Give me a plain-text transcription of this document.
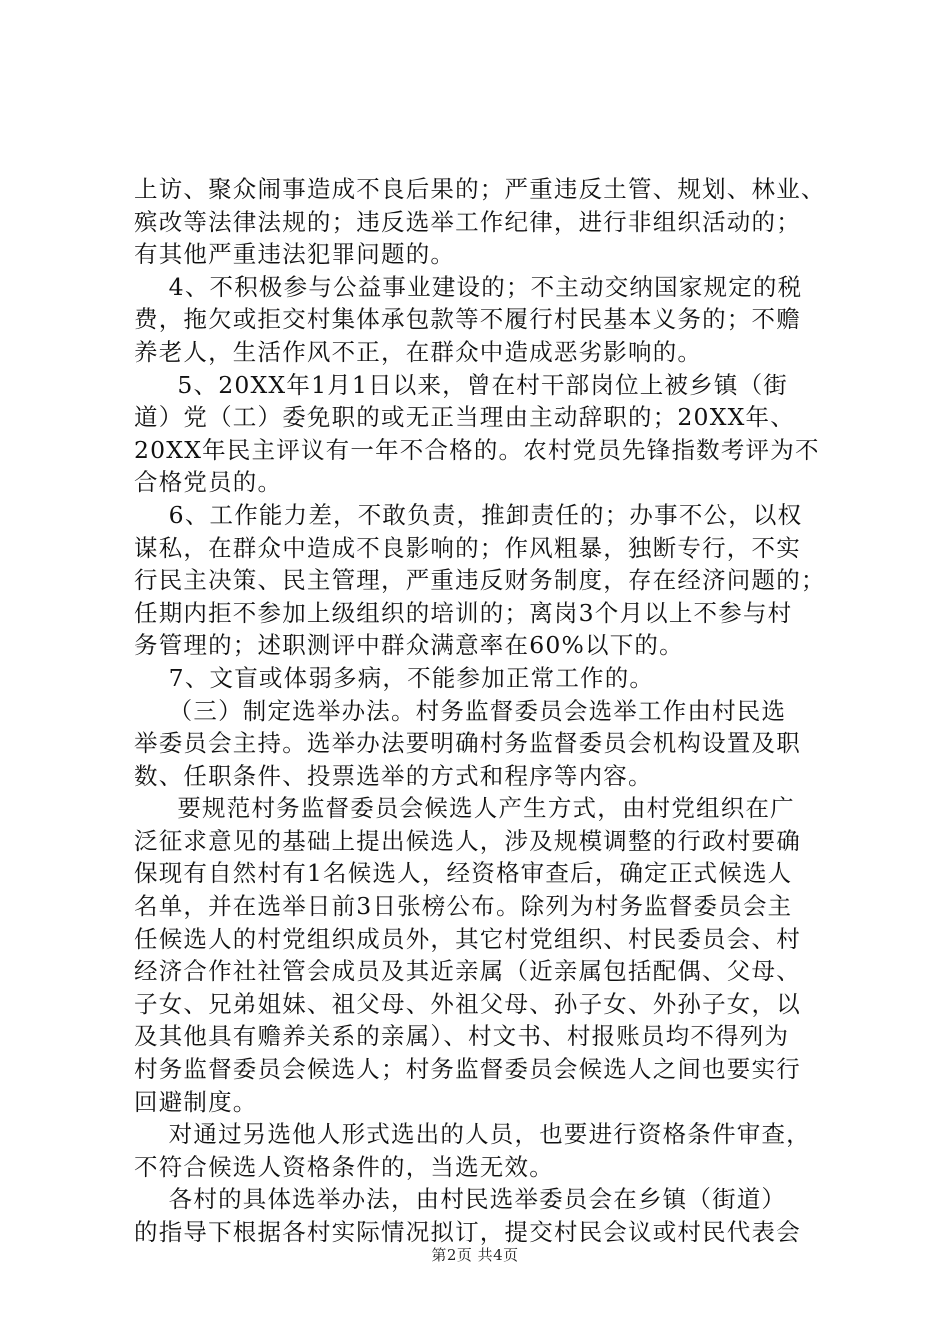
上访、聚众闹事造成不良后果的；严重违反土管、规划、林业、
殡改等法律法规的；违反选举工作纪律，进行非组织活动的；
有其他严重违法犯罪问题的。
4、不积极参与公益事业建设的；不主动交纳国家规定的税
费，拖欠或拒交村集体承包款等不履行村民基本义务的；不赡
养老人，生活作风不正，在群众中造成恶劣影响的。
5、20XX年1月1日以来，曾在村干部岗位上被乡镇（街
道）党（工）委免职的或无正当理由主动辞职的；20XX年、
20XX年民主评议有一年不合格的。农村党员先锋指数考评为不
合格党员的。
6、工作能力差，不敢负责，推卸责任的；办事不公，以权
谋私，在群众中造成不良影响的；作风粗暴，独断专行，不实
行民主决策、民主管理，严重违反财务制度，存在经济问题的；
任期内拒不参加上级组织的培训的；离岗3个月以上不参与村
务管理的；述职测评中群众满意率在60%以下的。
7、文盲或体弱多病，不能参加正常工作的。
（三）制定选举办法。村务监督委员会选举工作由村民选
举委员会主持。选举办法要明确村务监督委员会机构设置及职
数、任职条件、投票选举的方式和程序等内容。
要规范村务监督委员会候选人产生方式，由村党组织在广
泛征求意见的基础上提出候选人，涉及规模调整的行政村要确
保现有自然村有1名候选人，经资格审查后，确定正式候选人
名单，并在选举日前3日张榜公布。除列为村务监督委员会主
任候选人的村党组织成员外，其它村党组织、村民委员会、村
经济合作社社管会成员及其近亲属（近亲属包括配偶、父母、
子女、兄弟姐妹、祖父母、外祖父母、孙子女、外孙子女，以
及其他具有赡养关系的亲属）、村文书、村报账员均不得列为
村务监督委员会候选人；村务监督委员会候选人之间也要实行
回避制度。
对通过另选他人形式选出的人员，也要进行资格条件审查，
不符合候选人资格条件的，当选无效。
各村的具体选举办法，由村民选举委员会在乡镇（街道）
的指导下根据各村实际情况拟订，提交村民会议或村民代表会
第2页 共4页
